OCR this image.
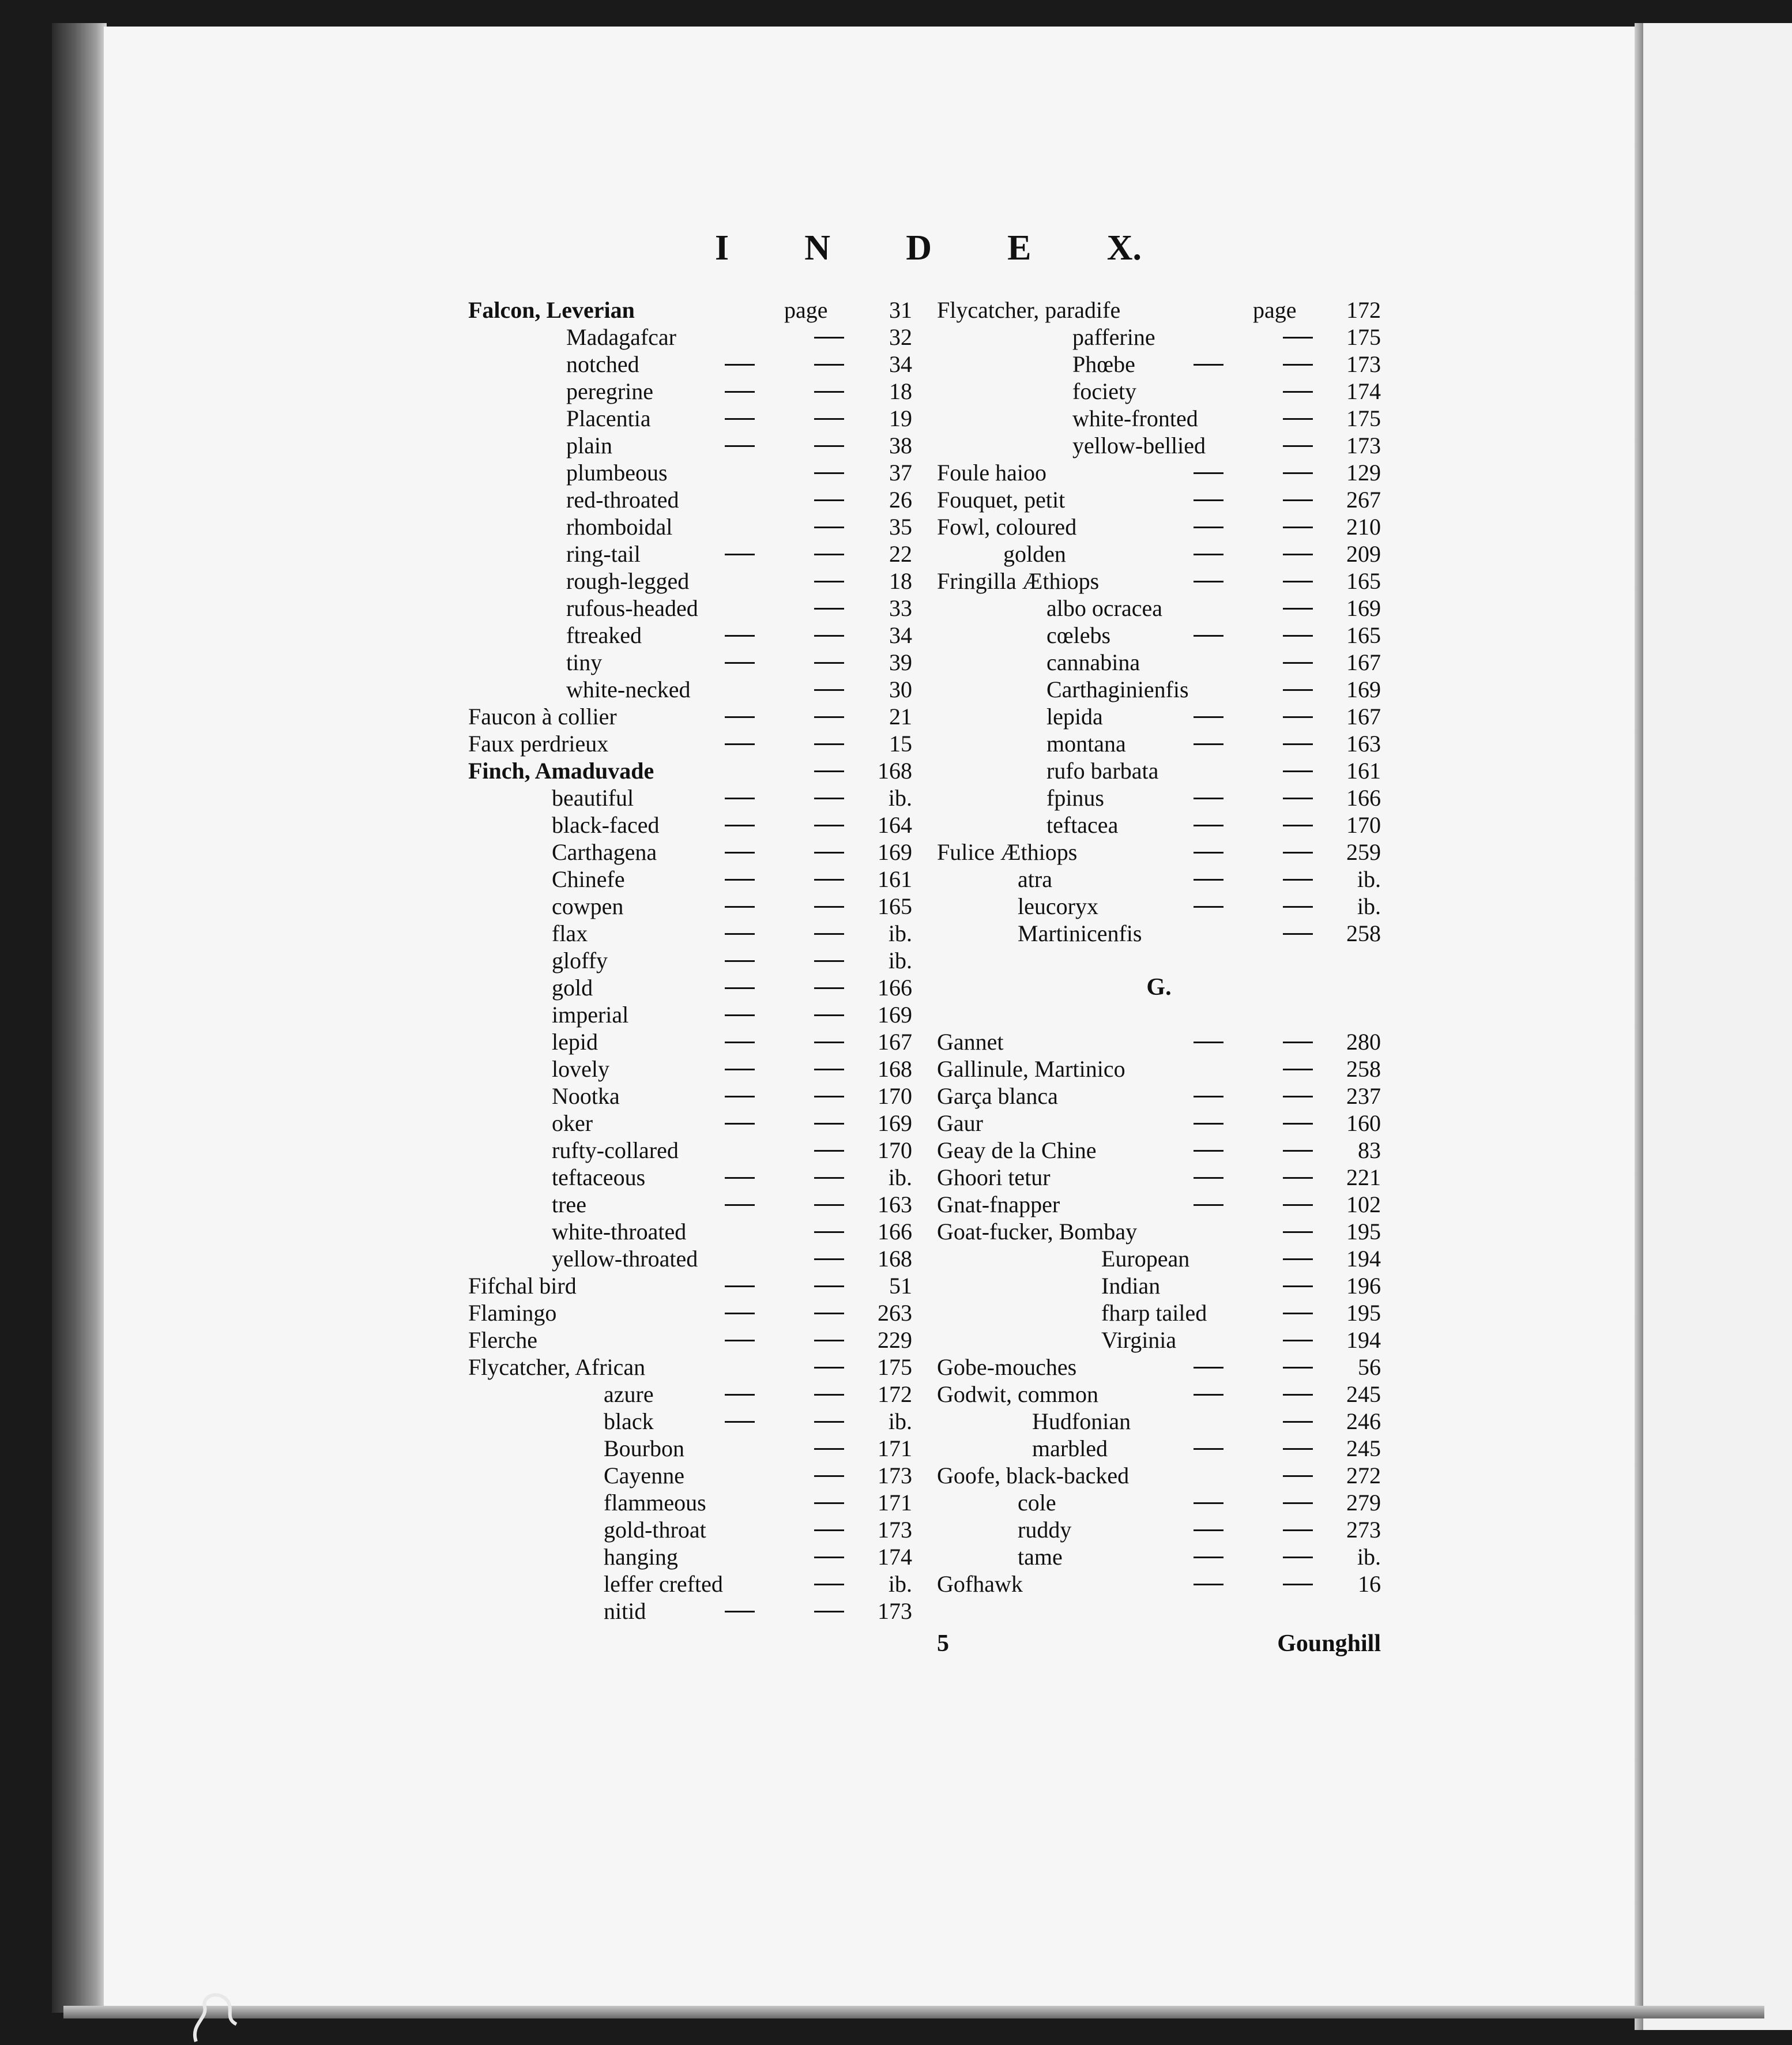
I N D E X.
Falcon, Leverian	page	31
Madagafcar	32
notched	34
peregrine	18
Placentia	19
plain	38
plumbeous	37
red-throated	26
rhomboidal	35
ring-tail	22
rough-legged	18
rufous-headed	33
ftreaked	34
tiny	39
white-necked	30
Faucon à collier	21
Faux perdrieux	15
Finch, Amaduvade	168
beautiful	ib.
black-faced	164
Carthagena	169
Chinefe	161
cowpen	165
flax	ib.
gloffy	ib.
gold	166
imperial	169
lepid	167
lovely	168
Nootka	170
oker	169
rufty-collared	170
teftaceous	ib.
tree	163
white-throated	166
yellow-throated	168
Fifchal bird	51
Flamingo	263
Flerche	229
Flycatcher, African	175
azure	172
black	ib.
Bourbon	171
Cayenne	173
flammeous	171
gold-throat	173
hanging	174
leffer crefted	ib.
nitid	173
Flycatcher, paradife	page 172
pafferine	175
Phœbe	173
fociety	174
white-fronted	175
yellow-bellied	173
Foule haioo	129
Fouquet, petit	267
Fowl, coloured	210
golden	209
Fringilla Æthiops	165
albo ocracea	169
cœlebs	165
cannabina	167
Carthaginienfis	169
lepida	167
montana	163
rufo barbata	161
fpinus	166
teftacea	170
Fulice Æthiops	259
atra	ib.
leucoryx	ib.
Martinicenfis	258
G.
Gannet	280
Gallinule, Martinico	258
Garça blanca	237
Gaur	160
Geay de la Chine	83
Ghoori tetur	221
Gnat-fnapper	102
Goat-fucker, Bombay	195
European	194
Indian	196
fharp tailed	195
Virginia	194
Gobe-mouches	56
Godwit, common	245
Hudfonian	246
marbled	245
Goofe, black-backed	272
cole	279
ruddy	273
tame	ib.
Gofhawk	16
5	Gounghill
